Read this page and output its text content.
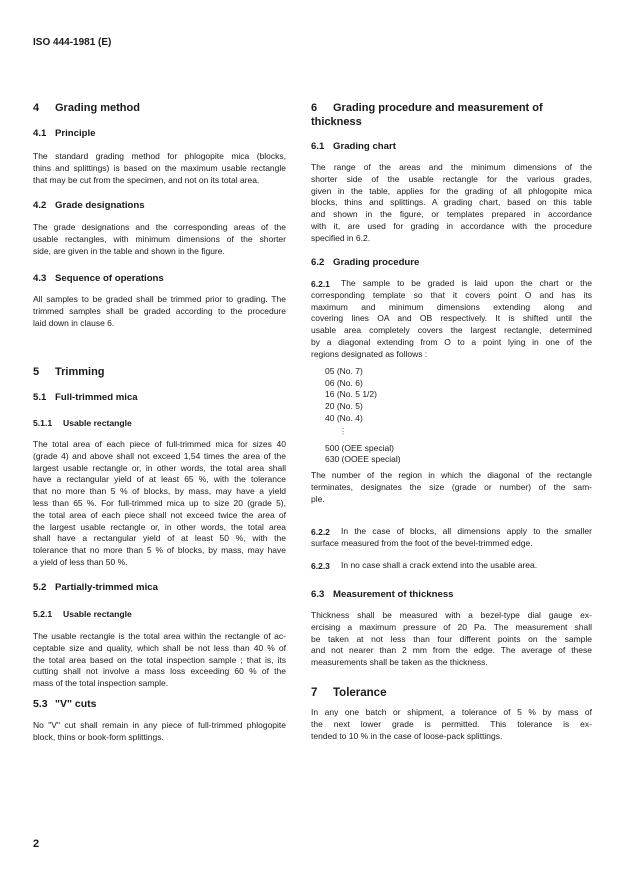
ISO 444-1981 (E)
4 Grading method
4.1 Principle
The standard grading method for phlogopite mica (blocks,
thins and splittings) is based on the maximum usable rectangle
that may be cut from the specimen, and not on its total area.
4.2 Grade designations
The grade designations and the corresponding areas of the
usable rectangles, with minimum dimensions of the shorter
side, are given in the table and shown in the figure.
4.3 Sequence of operations
All samples to be graded shall be trimmed prior to grading. The
trimmed samples shall be graded according to the procedure
laid down in clause 6.
5 Trimming
5.1 Full-trimmed mica
5.1.1 Usable rectangle
The total area of each piece of full-trimmed mica for sizes 40
(grade 4) and above shall not exceed 1,54 times the area of the
largest usable rectangle or, in other words, the total area shall
have a rectangular yield of at least 65 %, with the tolerance
that no more than 5 % of blocks, by mass, may have a yield
less than 65 %. For full-trimmed mica up to size 20 (grade 5),
the total area of each piece shall not exceed twice the area of
the largest usable rectangle or, in other words, the total area
shall have a rectangular yield of at least 50 %, with the
tolerance that no more than 5 % of blocks, by mass, may have
a yield of less than 50 %.
5.2 Partially-trimmed mica
5.2.1 Usable rectangle
The usable rectangle is the total area within the rectangle of ac-
ceptable size and quality, which shall be not less than 40 % of
the total area based on the total inspection sample ; that is, its
cutting shall not involve a mass loss exceeding 60 % of the
mass of the total inspection sample.
5.3 "V" cuts
No "V" cut shall remain in any piece of full-trimmed phlogopite
block, thins or book-form splittings.
6 Grading procedure and measurement of
thickness
6.1 Grading chart
The range of the areas and the minimum dimensions of the
shorter side of the usable rectangle for the various grades,
given in the table, applies for the grading of all phlogopite mica
blocks, thins and splittings. A grading chart, based on this table
and shown in the figure, or templates prepared in accordance
with it, are used for grading in accordance with the procedure
specified in 6.2.
6.2 Grading procedure
6.2.1	The sample to be graded is laid upon the chart or the
corresponding template so that it covers point O and has its
maximum and minimum dimensions extending along and
covering lines OA and OB respectively. It is shifted until the
usable area completely covers the largest rectangle, determined
by a diagonal extending from O to a point lying in one of the
regions designated as follows :
05 (No. 7)
06 (No. 6)
16 (No. 5 1/2)
20 (No. 5)
40 (No. 4)
⋮
500 (OEE special)
630 (OOEE special)
The number of the region in which the diagonal of the rectangle
terminates, designates the size (grade or number) of the sam-
ple.
6.2.2	In the case of blocks, all dimensions apply to the smaller
surface measured from the foot of the bevel-trimmed edge.
6.2.3	In no case shall a crack extend into the usable area.
6.3 Measurement of thickness
Thickness shall be measured with a bezel-type dial gauge ex-
ercising a maximum pressure of 20 Pa. The measurement shall
be taken at not less than four different points on the sample
and not nearer than 2 mm from the edge. The average of these
measurements shall be taken as the thickness.
7 Tolerance
In any one batch or shipment, a tolerance of 5 % by mass of
the next lower grade is permitted. This tolerance is ex-
tended to 10 % in the case of loose-pack splittings.
2
